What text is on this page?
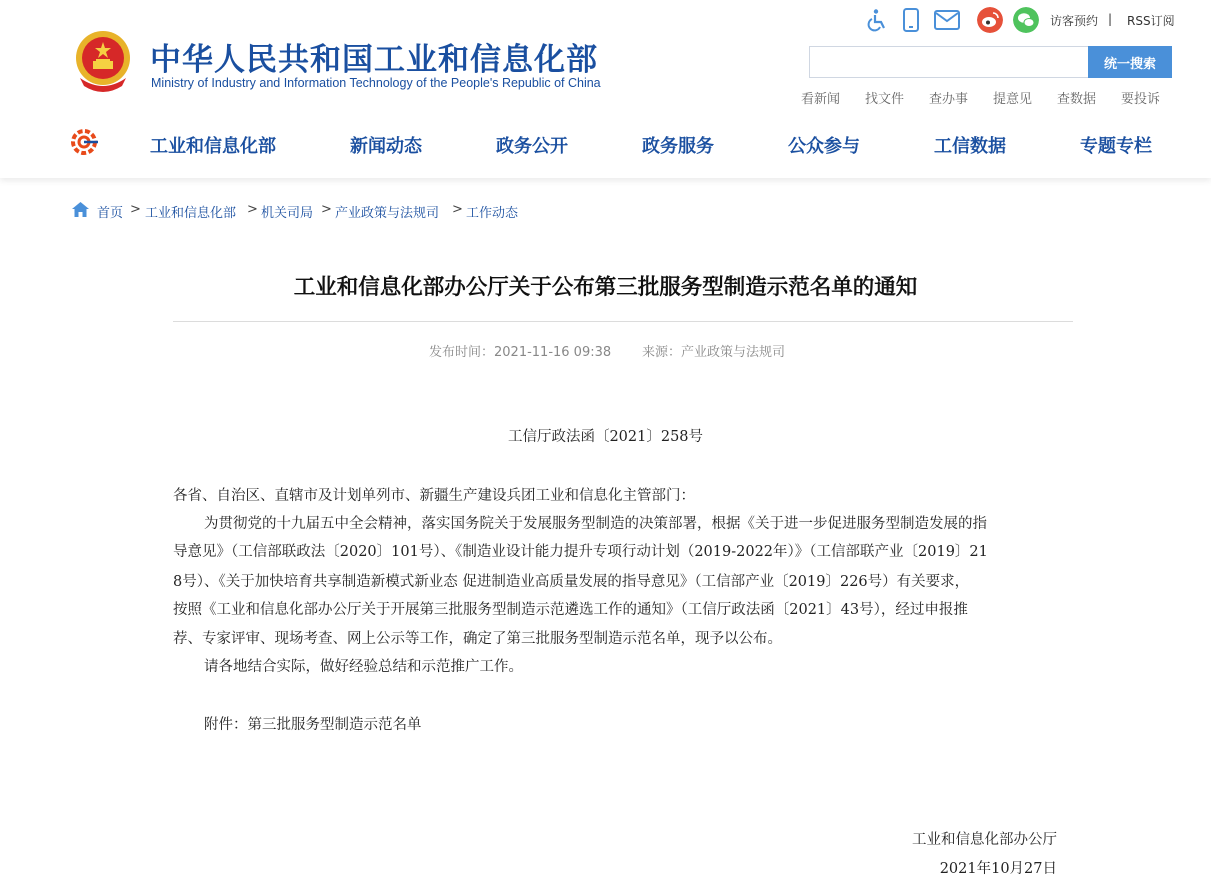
中华人民共和国工业和信息化部
Ministry of Industry and Information Technology of the People's Republic of China
访客预约 | RSS订阅
统一搜索
看新闻 找文件 查办事 提意见 查数据 要投诉
工业和信息化部	新闻动态	政务公开	政务服务	公众参与	工信数据	专题专栏
首页 > 工业和信息化部 > 机关司局 > 产业政策与法规司 > 工作动态
工业和信息化部办公厅关于公布第三批服务型制造示范名单的通知
发布时间：2021-11-16 09:38 来源：产业政策与法规司
工信厅政法函〔2021〕258号
各省、自治区、直辖市及计划单列市、新疆生产建设兵团工业和信息化主管部门：
为贯彻党的十九届五中全会精神，落实国务院关于发展服务型制造的决策部署，根据《关于进一步促进服务型制造发展的指
导意见》（工信部联政法〔2020〕101号）、《制造业设计能力提升专项行动计划（2019-2022年）》（工信部联产业〔2019〕21
8号）、《关于加快培育共享制造新模式新业态 促进制造业高质量发展的指导意见》（工信部产业〔2019〕226号）有关要求，
按照《工业和信息化部办公厅关于开展第三批服务型制造示范遴选工作的通知》（工信厅政法函〔2021〕43号），经过申报推
荐、专家评审、现场考查、网上公示等工作，确定了第三批服务型制造示范名单，现予以公布。
请各地结合实际，做好经验总结和示范推广工作。
附件：第三批服务型制造示范名单
工业和信息化部办公厅
2021年10月27日
